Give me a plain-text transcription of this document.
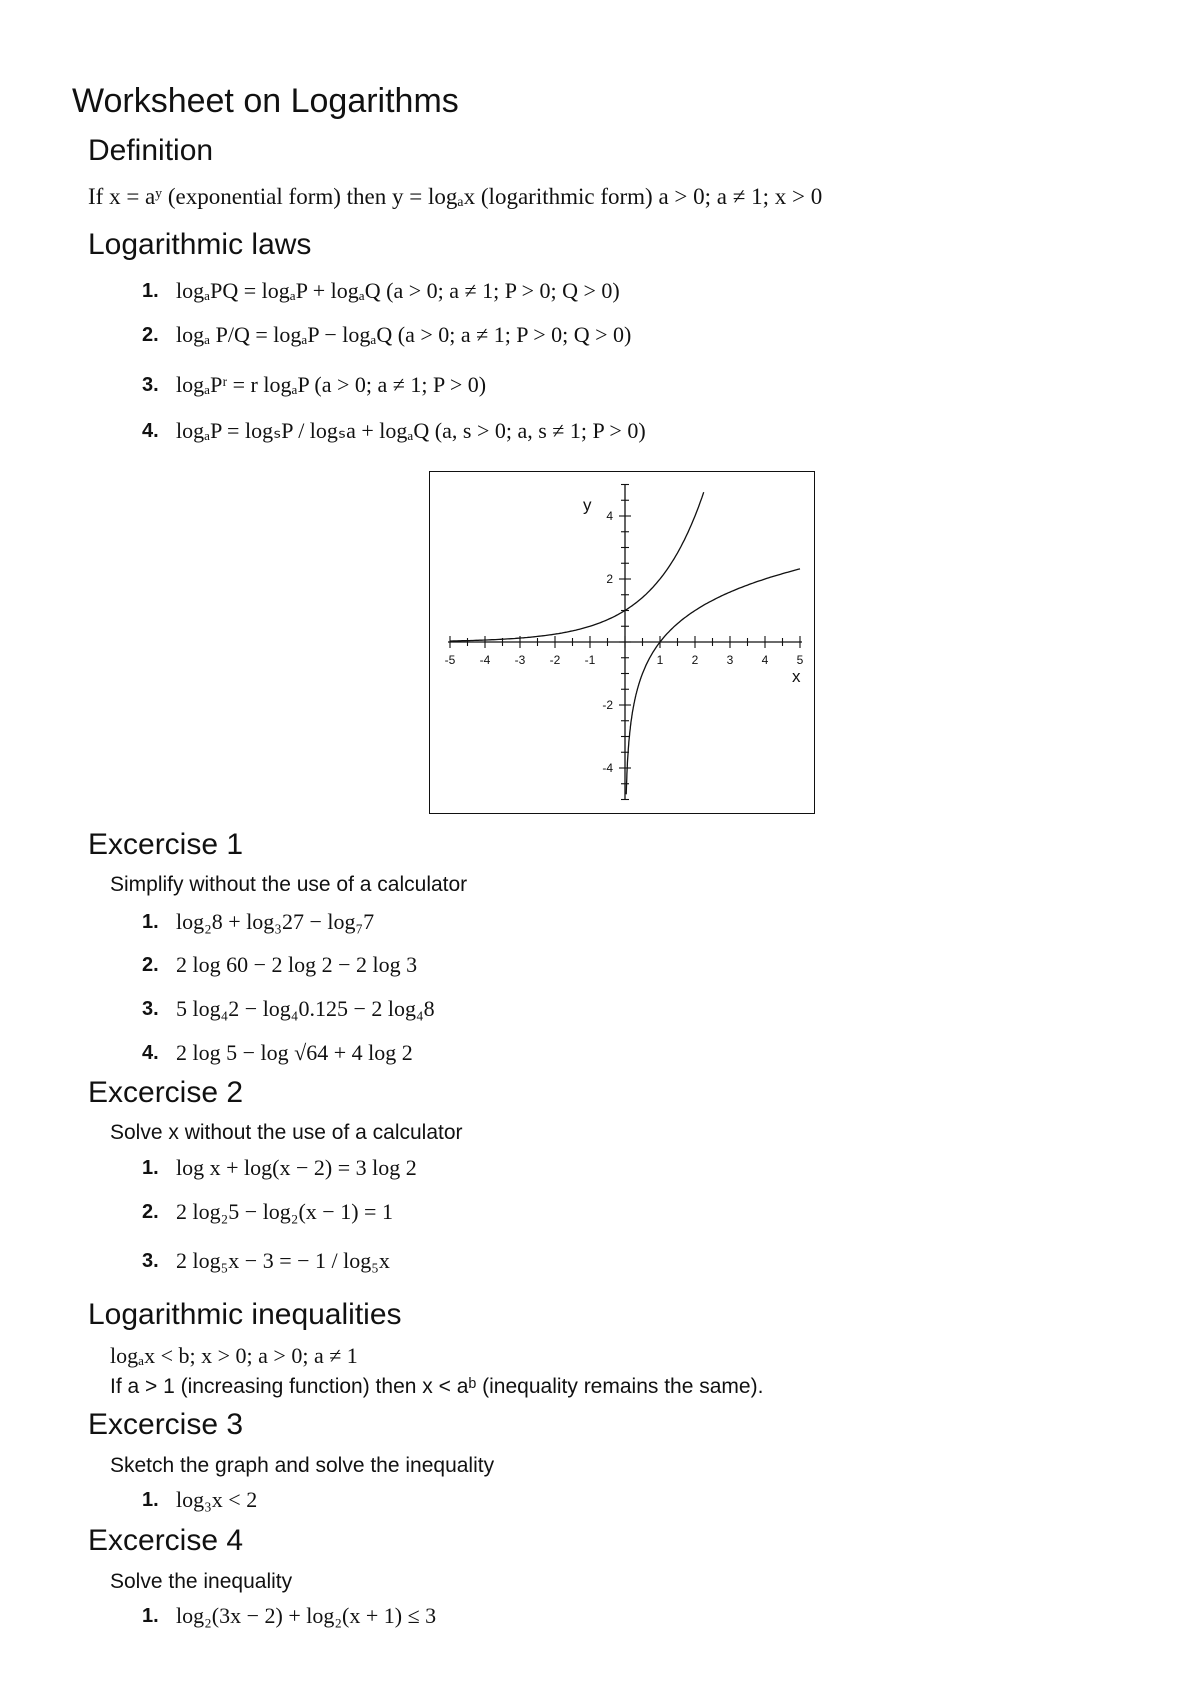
Worksheet on Logarithms
Definition
If x = aʸ (exponential form) then y = logₐx (logarithmic form) a > 0; a ≠ 1; x > 0
Logarithmic laws
1. logₐPQ = logₐP + logₐQ (a > 0; a ≠ 1; P > 0; Q > 0)
2. logₐ P/Q = logₐP − logₐQ (a > 0; a ≠ 1; P > 0; Q > 0)
3. logₐPʳ = r logₐP (a > 0; a ≠ 1; P > 0)
4. logₐP = logₛP / logₛa + logₐQ (a, s > 0; a, s ≠ 1; P > 0)
-5 -4 -3 -2 -1	1 2 3 4 5
4
2
-2
-4
x
y
Excercise 1
Simplify without the use of a calculator
1. log₂8 + log₃27 − log₇7
2. 2 log 60 − 2 log 2 − 2 log 3
3. 5 log₄2 − log₄0.125 − 2 log₄8
4. 2 log 5 − log √64 + 4 log 2
Excercise 2
Solve x without the use of a calculator
1. log x + log(x − 2) = 3 log 2
2. 2 log₂5 − log₂(x − 1) = 1
3. 2 log₅x − 3 = − 1 / log₅x
Logarithmic inequalities
logₐx < b; x > 0; a > 0; a ≠ 1
If a > 1 (increasing function) then x < aᵇ (inequality remains the same).
Excercise 3
Sketch the graph and solve the inequality
1. log₃x < 2
Excercise 4
Solve the inequality
1. log₂(3x − 2) + log₂(x + 1) ≤ 3
